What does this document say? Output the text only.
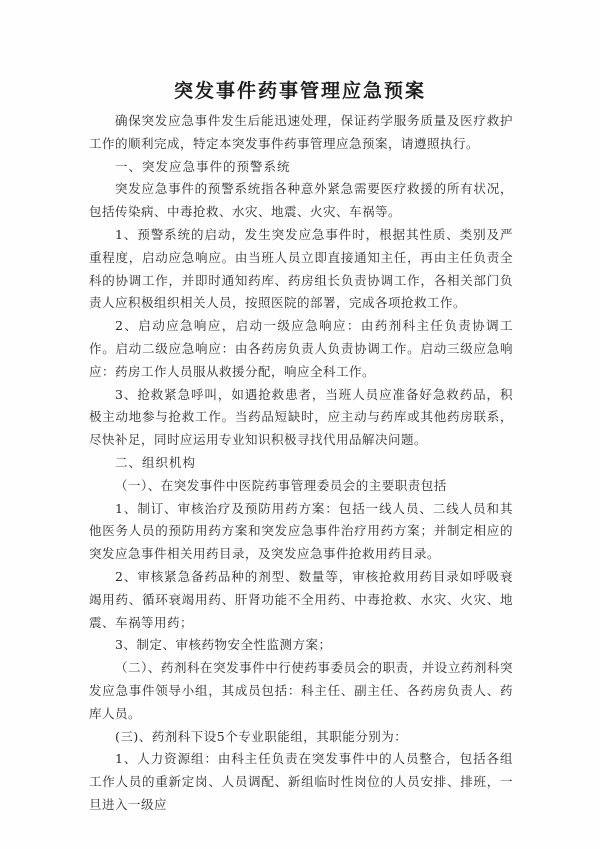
突发事件药事管理应急预案

确保突发应急事件发生后能迅速处理，保证药学服务质量及医疗救护工作的顺利完成，特定本突发事件药事管理应急预案，请遵照执行。

一、突发应急事件的预警系统

突发应急事件的预警系统指各种意外紧急需要医疗救援的所有状况，包括传染病、中毒抢救、水灾、地震、火灾、车祸等。

1、预警系统的启动，发生突发应急事件时，根据其性质、类别及严重程度，启动应急响应。由当班人员立即直接通知主任，再由主任负责全科的协调工作，并即时通知药库、药房组长负责协调工作，各相关部门负责人应积极组织相关人员，按照医院的部署，完成各项抢救工作。

2、启动应急响应，启动一级应急响应：由药剂科主任负责协调工作。启动二级应急响应：由各药房负责人负责协调工作。启动三级应急响应：药房工作人员服从救援分配，响应全科工作。

3、抢救紧急呼叫，如遇抢救患者，当班人员应准备好急救药品，积极主动地参与抢救工作。当药品短缺时，应主动与药库或其他药房联系，尽快补足，同时应运用专业知识积极寻找代用品解决问题。

二、组织机构

（一）、在突发事件中医院药事管理委员会的主要职责包括

1、制订、审核治疗及预防用药方案：包括一线人员、二线人员和其他医务人员的预防用药方案和突发应急事件治疗用药方案；并制定相应的突发应急事件相关用药目录，及突发应急事件抢救用药目录。

2、审核紧急备药品种的剂型、数量等，审核抢救用药目录如呼吸衰竭用药、循环衰竭用药、肝肾功能不全用药、中毒抢救、水灾、火灾、地震、车祸等用药；

3、制定、审核药物安全性监测方案；

（二）、药剂科在突发事件中行使药事委员会的职责，并设立药剂科突发应急事件领导小组，其成员包括：科主任、副主任、各药房负责人、药库人员。

(三)、药剂科下设5个专业职能组，其职能分别为：

1、人力资源组：由科主任负责在突发事件中的人员整合，包括各组工作人员的重新定岗、人员调配、新组临时性岗位的人员安排、排班，一旦进入一级应
